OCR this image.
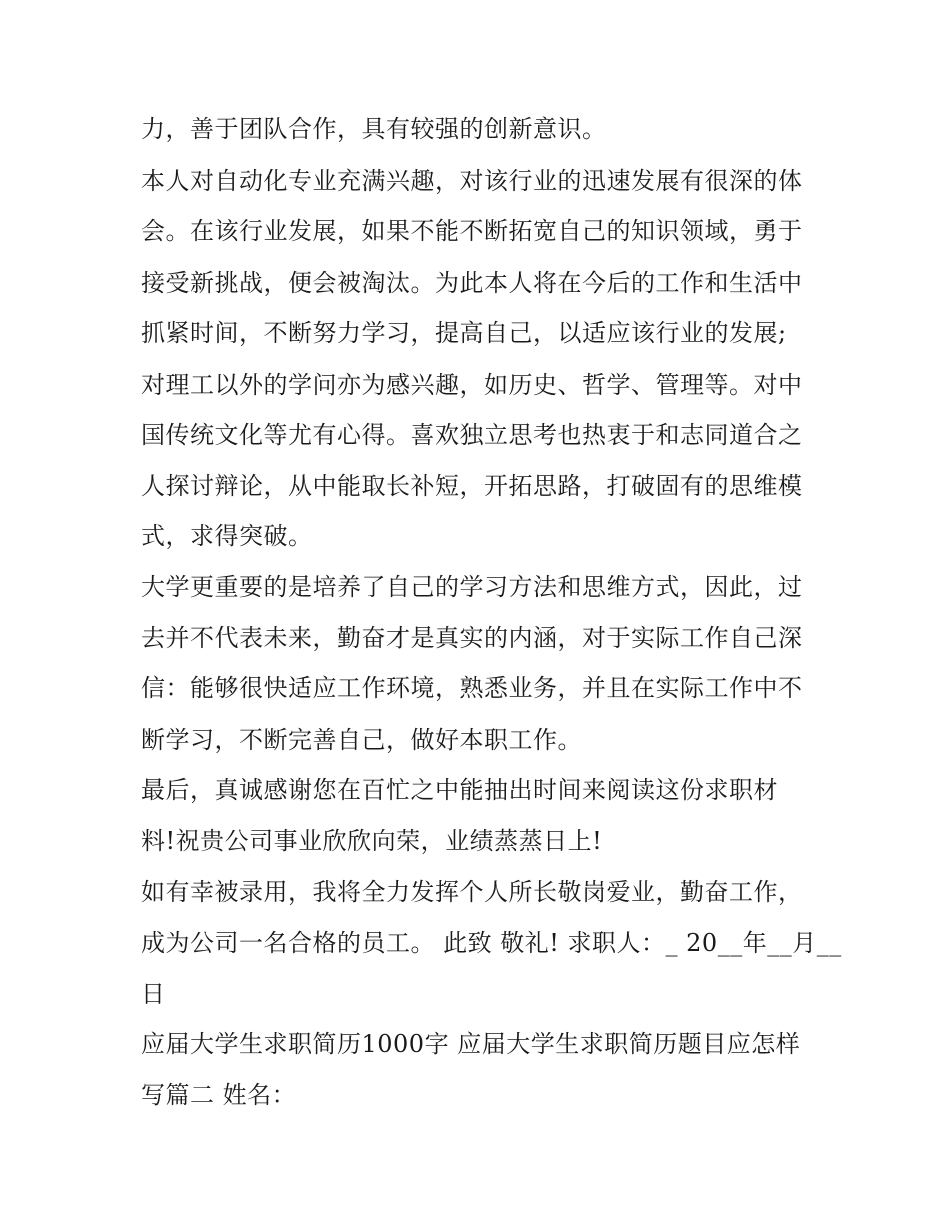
力，善于团队合作，具有较强的创新意识。
本人对自动化专业充满兴趣，对该行业的迅速发展有很深的体
会。在该行业发展，如果不能不断拓宽自己的知识领域，勇于
接受新挑战，便会被淘汰。为此本人将在今后的工作和生活中
抓紧时间，不断努力学习，提高自己，以适应该行业的发展;
对理工以外的学问亦为感兴趣，如历史、哲学、管理等。对中
国传统文化等尤有心得。喜欢独立思考也热衷于和志同道合之
人探讨辩论，从中能取长补短，开拓思路，打破固有的思维模
式，求得突破。
大学更重要的是培养了自己的学习方法和思维方式，因此，过
去并不代表未来，勤奋才是真实的内涵，对于实际工作自己深
信：能够很快适应工作环境，熟悉业务，并且在实际工作中不
断学习，不断完善自己，做好本职工作。
最后，真诚感谢您在百忙之中能抽出时间来阅读这份求职材
料!祝贵公司事业欣欣向荣，业绩蒸蒸日上!
如有幸被录用，我将全力发挥个人所长敬岗爱业，勤奋工作，
成为公司一名合格的员工。 此致 敬礼! 求职人：_ 20__年__月__
日
应届大学生求职简历1000字 应届大学生求职简历题目应怎样
写篇二 姓名：
